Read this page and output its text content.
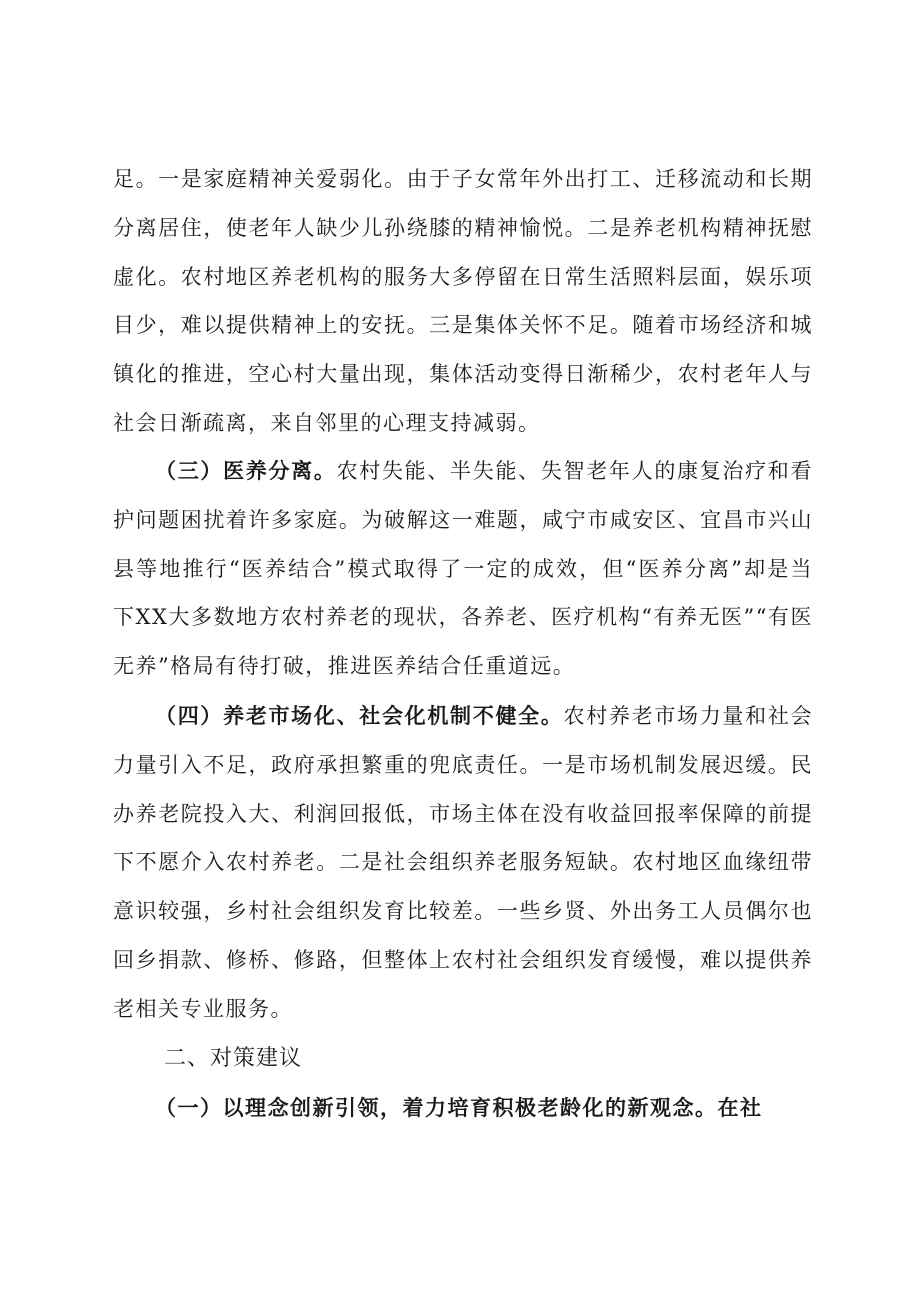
足。一是家庭精神关爱弱化。由于子女常年外出打工、迁移流动和长期分离居住，使老年人缺少儿孙绕膝的精神愉悦。二是养老机构精神抚慰虚化。农村地区养老机构的服务大多停留在日常生活照料层面，娱乐项目少，难以提供精神上的安抚。三是集体关怀不足。随着市场经济和城镇化的推进，空心村大量出现，集体活动变得日渐稀少，农村老年人与社会日渐疏离，来自邻里的心理支持减弱。

（三）医养分离。农村失能、半失能、失智老年人的康复治疗和看护问题困扰着许多家庭。为破解这一难题，咸宁市咸安区、宜昌市兴山县等地推行“医养结合”模式取得了一定的成效，但“医养分离”却是当下XX大多数地方农村养老的现状，各养老、医疗机构“有养无医”“有医无养”格局有待打破，推进医养结合任重道远。

（四）养老市场化、社会化机制不健全。农村养老市场力量和社会力量引入不足，政府承担繁重的兜底责任。一是市场机制发展迟缓。民办养老院投入大、利润回报低，市场主体在没有收益回报率保障的前提下不愿介入农村养老。二是社会组织养老服务短缺。农村地区血缘纽带意识较强，乡村社会组织发育比较差。一些乡贤、外出务工人员偶尔也回乡捐款、修桥、修路，但整体上农村社会组织发育缓慢，难以提供养老相关专业服务。

二、对策建议

（一）以理念创新引领，着力培育积极老龄化的新观念。在社
